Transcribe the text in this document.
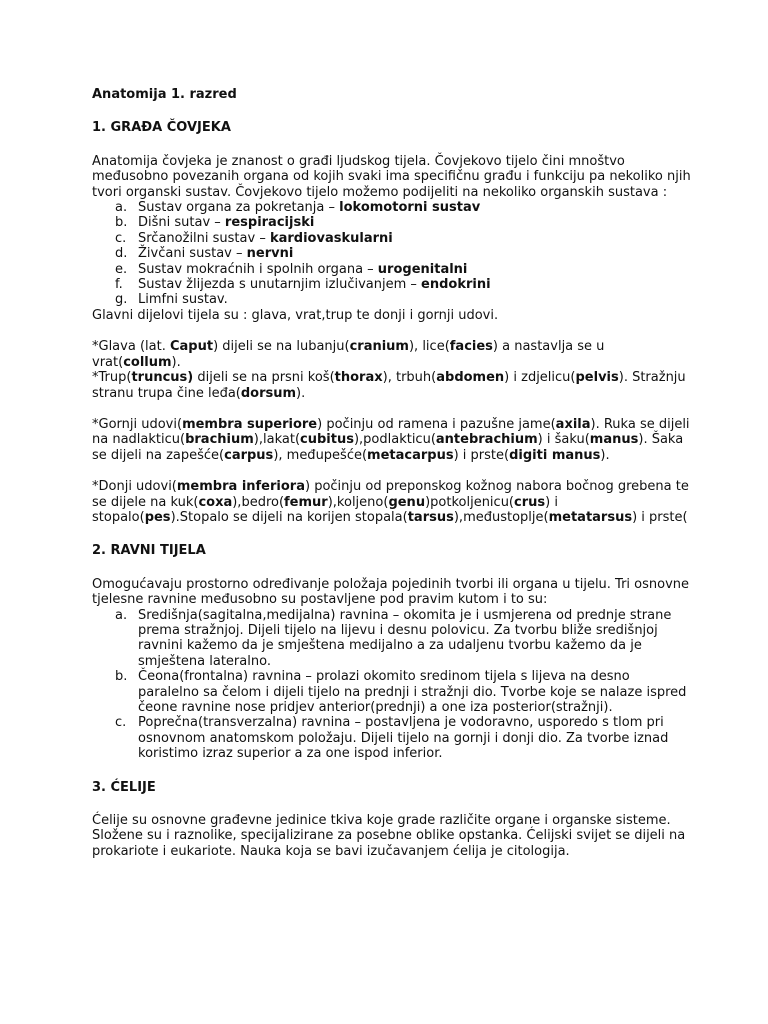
Anatomija 1. razred

1. GRAĐA ČOVJEKA

Anatomija čovjeka je znanost o građi ljudskog tijela. Čovjekovo tijelo čini mnoštvo međusobno povezanih organa od kojih svaki ima specifičnu građu i funkciju pa nekoliko njih tvori organski sustav. Čovjekovo tijelo možemo podijeliti na nekoliko organskih sustava :

a. Sustav organa za pokretanja – lokomotorni sustav
b. Dišni sutav – respiracijski
c. Srčanožilni sustav – kardiovaskularni
d. Živčani sustav – nervni
e. Sustav mokraćnih i spolnih organa – urogenitalni
f. Sustav žlijezda s unutarnjim izlučivanjem – endokrini
g. Limfni sustav.

Glavni dijelovi tijela su : glava, vrat,trup te donji i gornji udovi.

*Glava (lat. Caput) dijeli se na lubanju(cranium), lice(facies) a nastavlja se u vrat(collum).

*Trup(truncus) dijeli se na prsni koš(thorax), trbuh(abdomen) i zdjelicu(pelvis). Stražnju stranu trupa čine leđa(dorsum).

*Gornji udovi(membra superiore) počinju od ramena i pazušne jame(axila). Ruka se dijeli na nadlakticu(brachium),lakat(cubitus),podlakticu(antebrachium) i šaku(manus). Šaka se dijeli na zapešće(carpus), međupešće(metacarpus) i prste(digiti manus).

*Donji udovi(membra inferiora) počinju od preponskog kožnog nabora bočnog grebena te se dijele na kuk(coxa),bedro(femur),koljeno(genu)potkoljenicu(crus) i stopalo(pes).Stopalo se dijeli na korijen stopala(tarsus),međustoplje(metatarsus) i prste(

2. RAVNI TIJELA

Omogućavaju prostorno određivanje položaja pojedinih tvorbi ili organa u tijelu. Tri osnovne tjelesne ravnine međusobno su postavljene pod pravim kutom i to su:

a. Središnja(sagitalna,medijalna) ravnina – okomita je i usmjerena od prednje strane prema stražnjoj. Dijeli tijelo na lijevu i desnu polovicu. Za tvorbu bliže središnjoj ravnini kažemo da je smještena medijalno a za udaljenu tvorbu kažemo da je smještena lateralno.
b. Čeona(frontalna) ravnina – prolazi okomito sredinom tijela s lijeva na desno paralelno sa čelom i dijeli tijelo na prednji i stražnji dio. Tvorbe koje se nalaze ispred čeone ravnine nose pridjev anterior(prednji) a one iza posterior(stražnji).
c. Poprečna(transverzalna) ravnina – postavljena je vodoravno, usporedo s tlom pri osnovnom anatomskom položaju. Dijeli tijelo na gornji i donji dio. Za tvorbe iznad koristimo izraz superior a za one ispod inferior.

3. ĆELIJE

Ćelije su osnovne građevne jedinice tkiva koje grade različite organe i organske sisteme. Složene su i raznolike, specijalizirane za posebne oblike opstanka. Ćelijski svijet se dijeli na prokariote i eukariote. Nauka koja se bavi izučavanjem ćelija je citologija.
